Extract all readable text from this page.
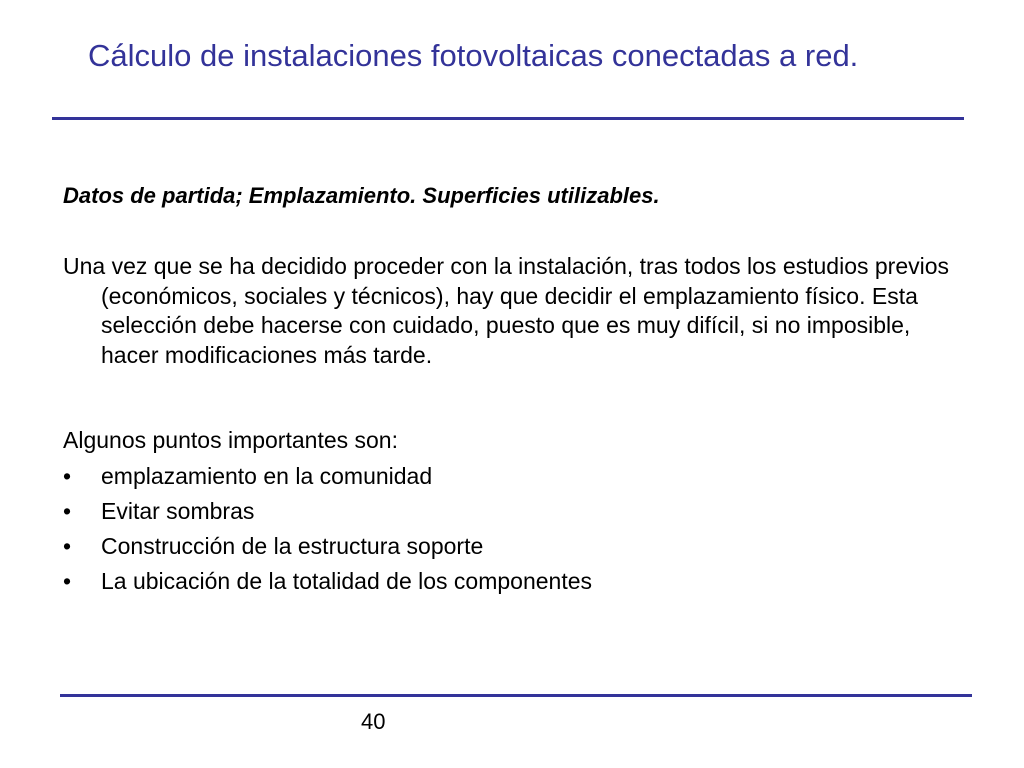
Cálculo de instalaciones fotovoltaicas conectadas a red.
Datos de partida; Emplazamiento. Superficies utilizables.
Una vez que se ha decidido proceder con la instalación, tras todos los estudios previos (económicos, sociales y técnicos), hay que decidir el emplazamiento físico. Esta selección debe hacerse con cuidado, puesto que es muy difícil, si no imposible, hacer modificaciones más tarde.
Algunos puntos importantes son:
• emplazamiento en la comunidad
• Evitar sombras
• Construcción de la estructura soporte
• La ubicación de la totalidad de los componentes
40
